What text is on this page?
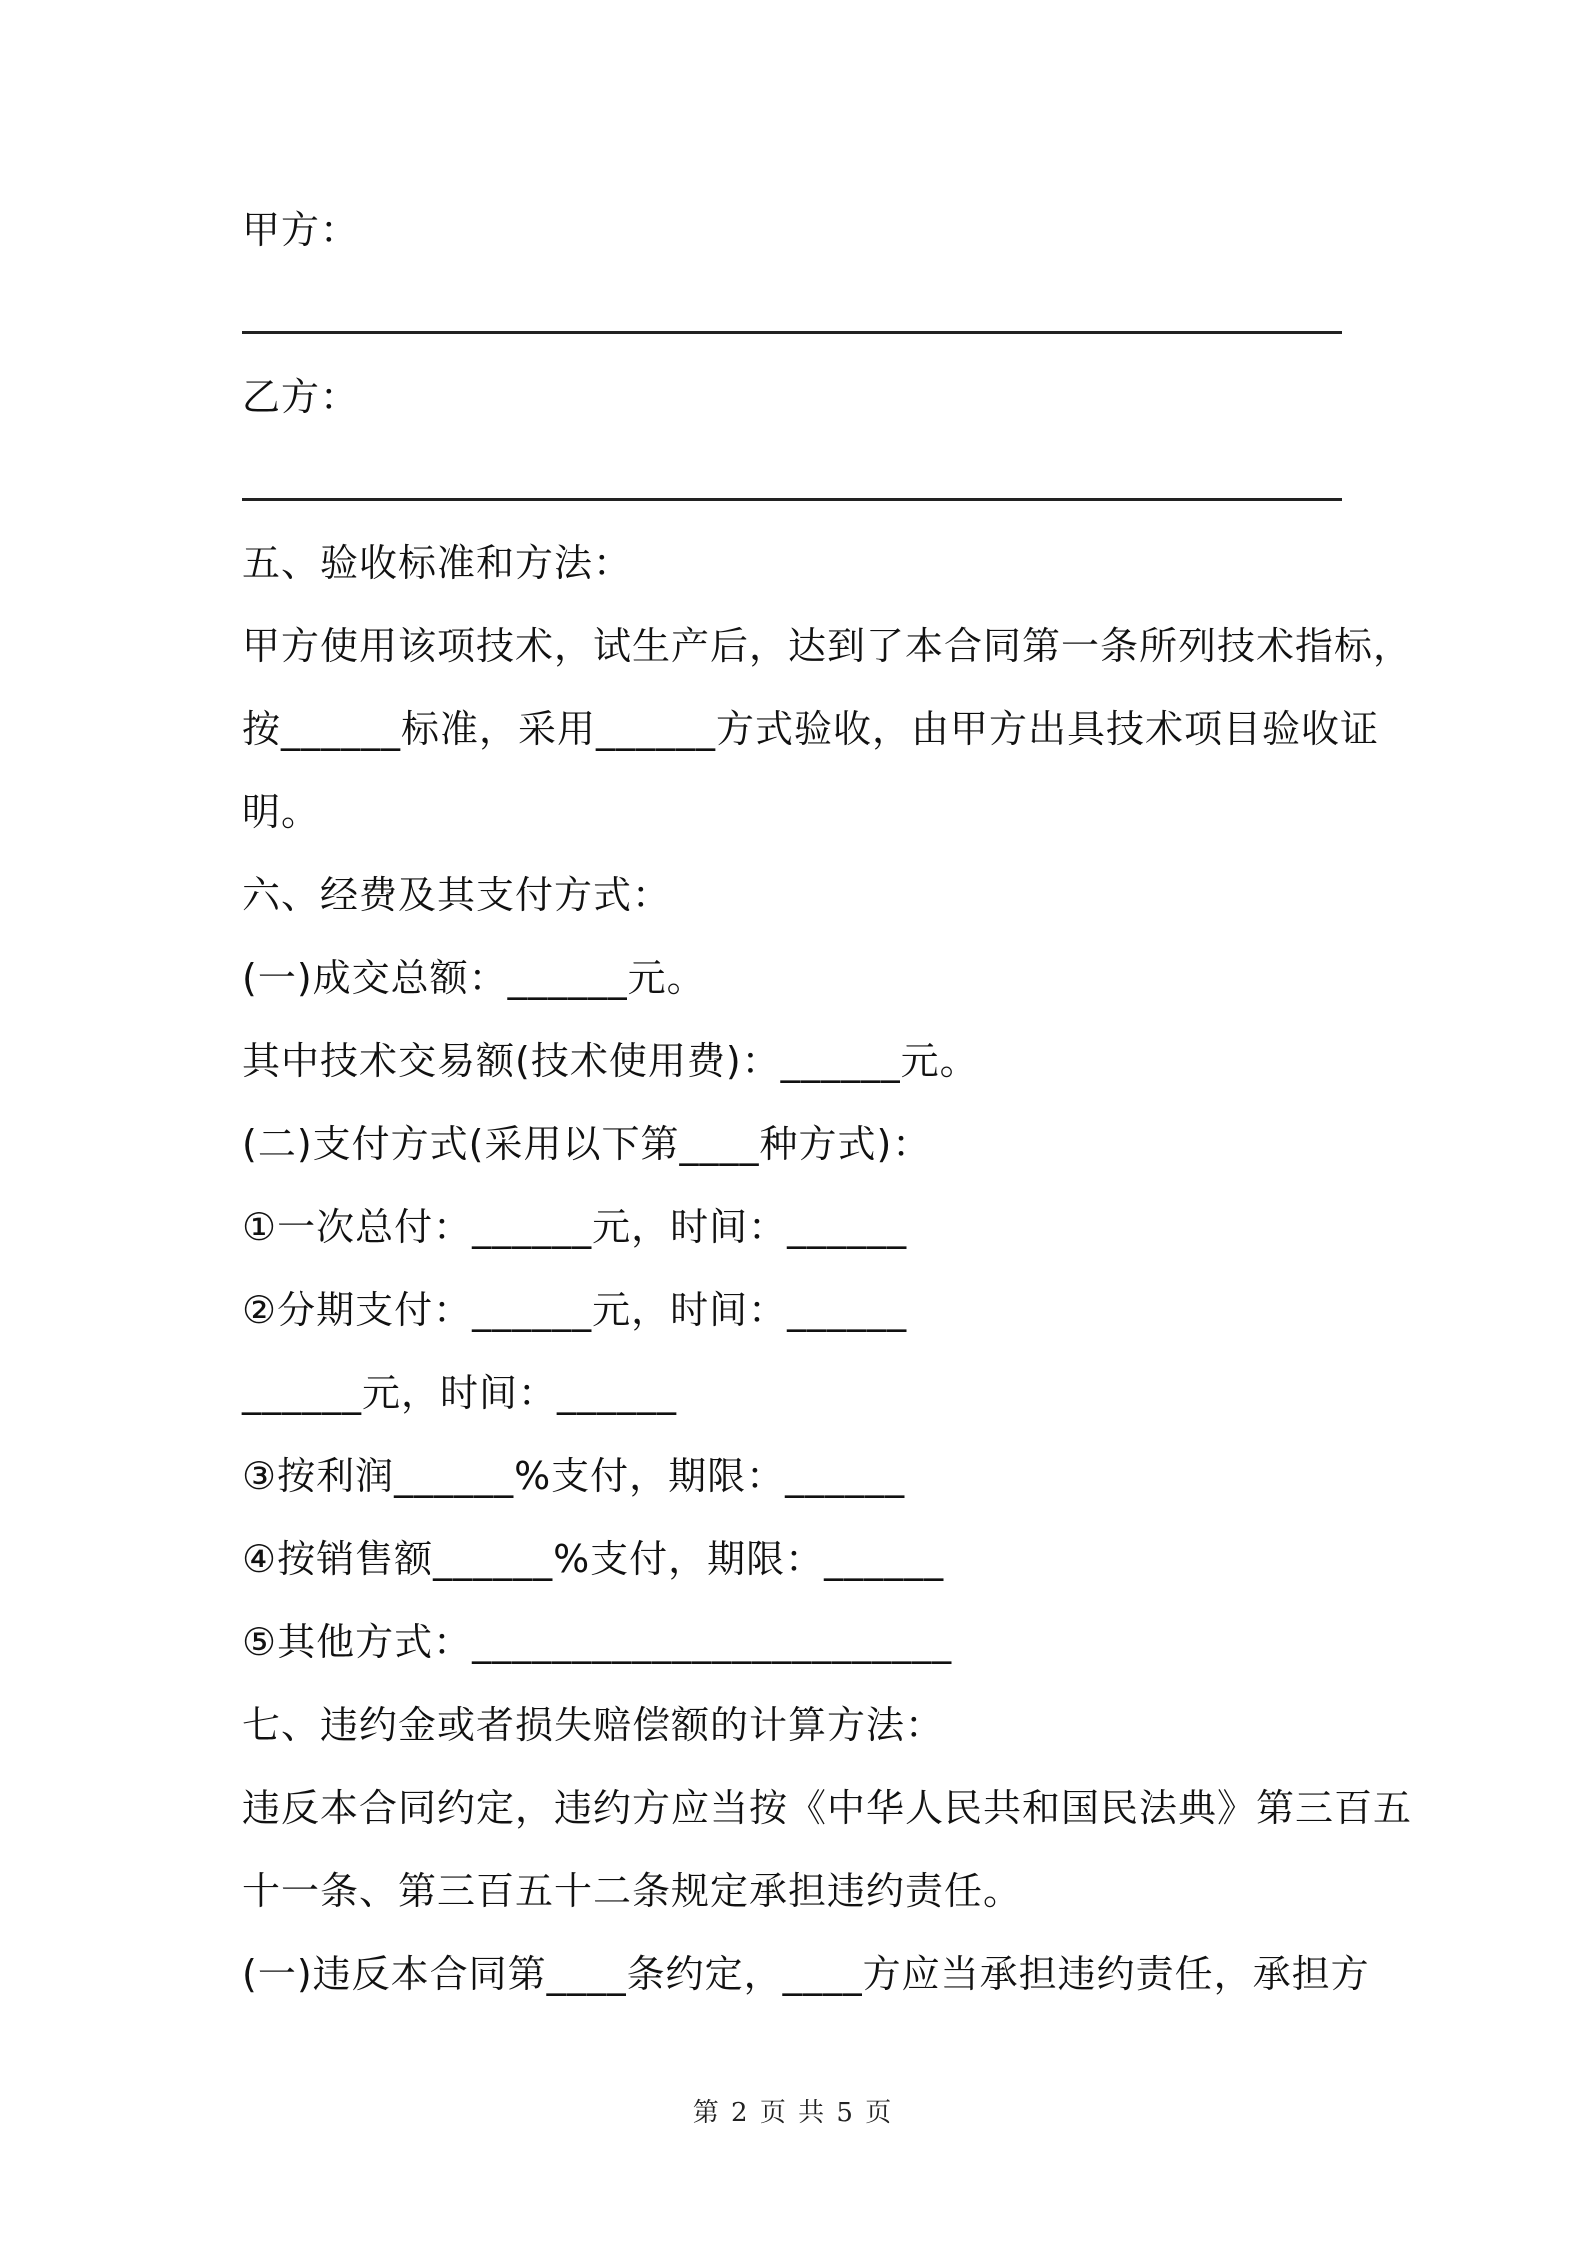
甲方：
乙方：
五、验收标准和方法：
甲方使用该项技术，试生产后，达到了本合同第一条所列技术指标，
按______标准，采用______方式验收，由甲方出具技术项目验收证
明。
六、经费及其支付方式：
(一)成交总额：______元。
其中技术交易额(技术使用费)：______元。
(二)支付方式(采用以下第____种方式)：
①一次总付：______元，时间：______
②分期支付：______元，时间：______
______元，时间：______
③按利润______%支付，期限：______
④按销售额______%支付，期限：______
⑤其他方式：________________________
七、违约金或者损失赔偿额的计算方法：
违反本合同约定，违约方应当按《中华人民共和国民法典》第三百五
十一条、第三百五十二条规定承担违约责任。
(一)违反本合同第____条约定，____方应当承担违约责任，承担方
第 2 页 共 5 页
